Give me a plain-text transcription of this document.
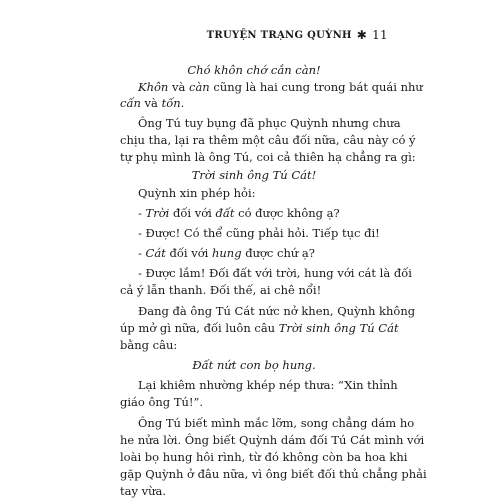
TRUYỆN TRẠNG QUỲNH ✱ 11
Chó khôn chớ cắn càn!
Khôn và càn cũng là hai cung trong bát quái như
cấn và tốn.
Ông Tú tuy bụng đã phục Quỳnh nhưng chưa
chịu tha, lại ra thêm một câu đối nữa, câu này có ý
tự phụ mình là ông Tú, coi cả thiên hạ chẳng ra gì:
Trời sinh ông Tú Cát!
Quỳnh xin phép hỏi:
- Trời đối với đất có được không ạ?
- Được! Có thể cũng phải hỏi. Tiếp tục đi!
- Cát đối với hung được chứ ạ?
- Được lắm! Đối đất với trời, hung với cát là đối
cả ý lẫn thanh. Đối thế, ai chê nổi!
Đang đà ông Tú Cát nức nở khen, Quỳnh không
úp mở gì nữa, đối luôn câu Trời sinh ông Tú Cát
bằng câu:
Đất nứt con bọ hung.
Lại khiêm nhường khép nép thưa: “Xin thỉnh
giáo ông Tú!”.
Ông Tú biết mình mắc lỡm, song chẳng dám ho
he nửa lời. Ông biết Quỳnh dám đối Tú Cát mình với
loài bọ hung hôi rình, từ đó không còn ba hoa khi
gặp Quỳnh ở đâu nữa, vì ông biết đối thủ chẳng phải
tay vừa.
